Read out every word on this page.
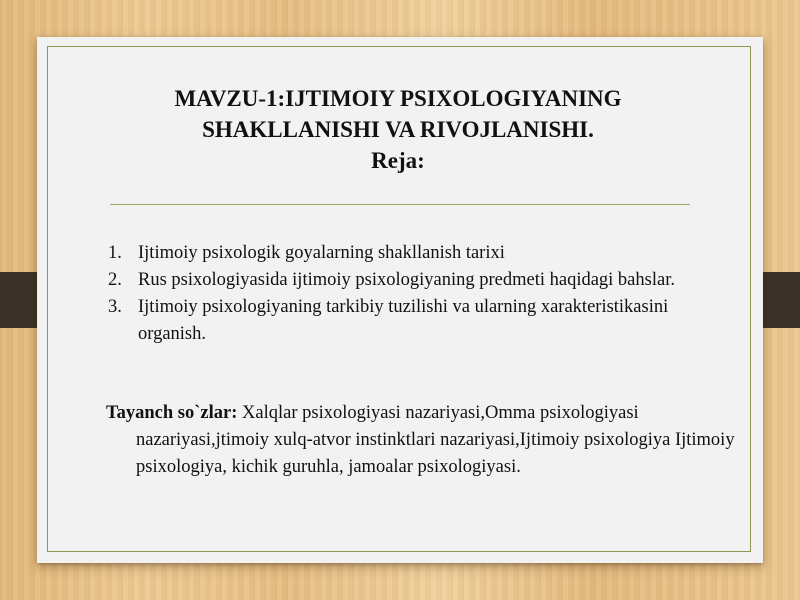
MAVZU-1:IJTIMOIY PSIXOLOGIYANING
SHAKLLANISHI VA RIVOJLANISHI.
Reja:
1. Ijtimoiy psixologik goyalarning shakllanish tarixi
2. Rus psixologiyasida ijtimoiy psixologiyaning predmeti haqidagi bahslar.
3. Ijtimoiy psixologiyaning tarkibiy tuzilishi va ularning xarakteristikasini organish.
Tayanch so`zlar: Xalqlar psixologiyasi nazariyasi,Omma psixologiyasi nazariyasi,jtimoiy xulq-atvor instinktlari nazariyasi,Ijtimoiy psixologiya Ijtimoiy psixologiya, kichik guruhla, jamoalar psixologiyasi.
